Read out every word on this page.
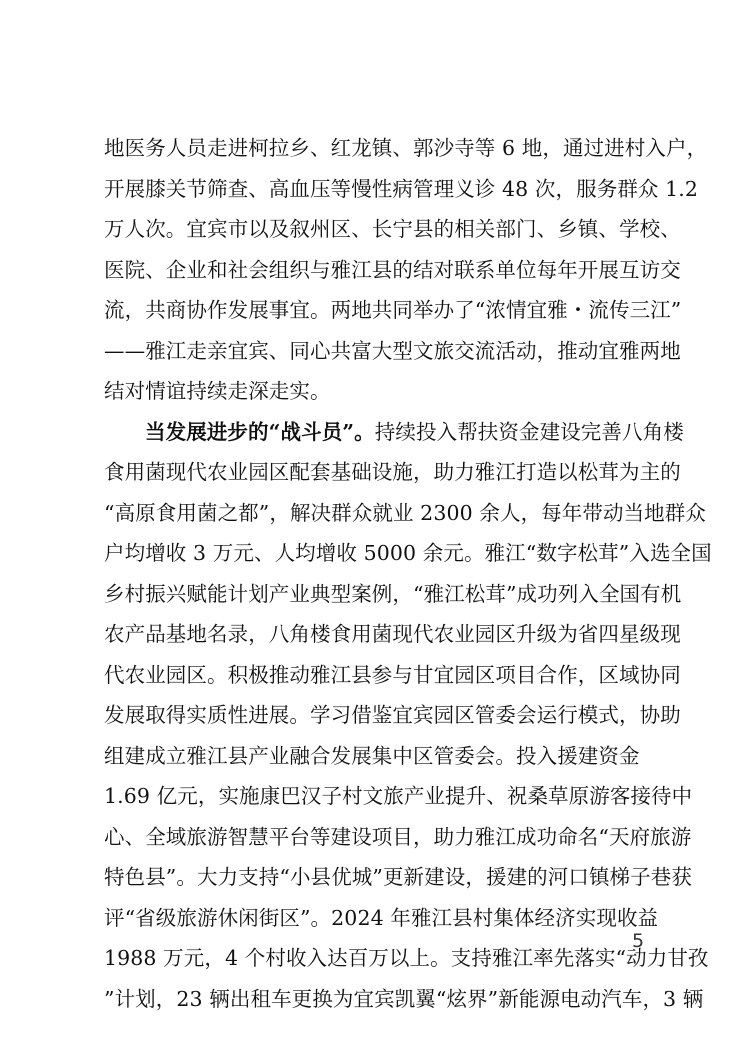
地医务人员走进柯拉乡、红龙镇、郭沙寺等 6 地，通过进村入户，
开展膝关节筛查、高血压等慢性病管理义诊 48 次，服务群众 1.2
万人次。宜宾市以及叙州区、长宁县的相关部门、乡镇、学校、
医院、企业和社会组织与雅江县的结对联系单位每年开展互访交
流，共商协作发展事宜。两地共同举办了“浓情宜雅・流传三江”
——雅江走亲宜宾、同心共富大型文旅交流活动，推动宜雅两地
结对情谊持续走深走实。
当发展进步的“战斗员”。持续投入帮扶资金建设完善八角楼
食用菌现代农业园区配套基础设施，助力雅江打造以松茸为主的
“高原食用菌之都”，解决群众就业 2300 余人，每年带动当地群众
户均增收 3 万元、人均增收 5000 余元。雅江“数字松茸”入选全国
乡村振兴赋能计划产业典型案例，“雅江松茸”成功列入全国有机
农产品基地名录，八角楼食用菌现代农业园区升级为省四星级现
代农业园区。积极推动雅江县参与甘宜园区项目合作，区域协同
发展取得实质性进展。学习借鉴宜宾园区管委会运行模式，协助
组建成立雅江县产业融合发展集中区管委会。投入援建资金
1.69 亿元，实施康巴汉子村文旅产业提升、祝桑草原游客接待中
心、全域旅游智慧平台等建设项目，助力雅江成功命名“天府旅游
特色县”。大力支持“小县优城”更新建设，援建的河口镇梯子巷获
评“省级旅游休闲街区”。2024 年雅江县村集体经济实现收益
1988 万元，4 个村收入达百万以上。支持雅江率先落实“动力甘孜
”计划，23 辆出租车更换为宜宾凯翼“炫界”新能源电动汽车，3 辆
5
